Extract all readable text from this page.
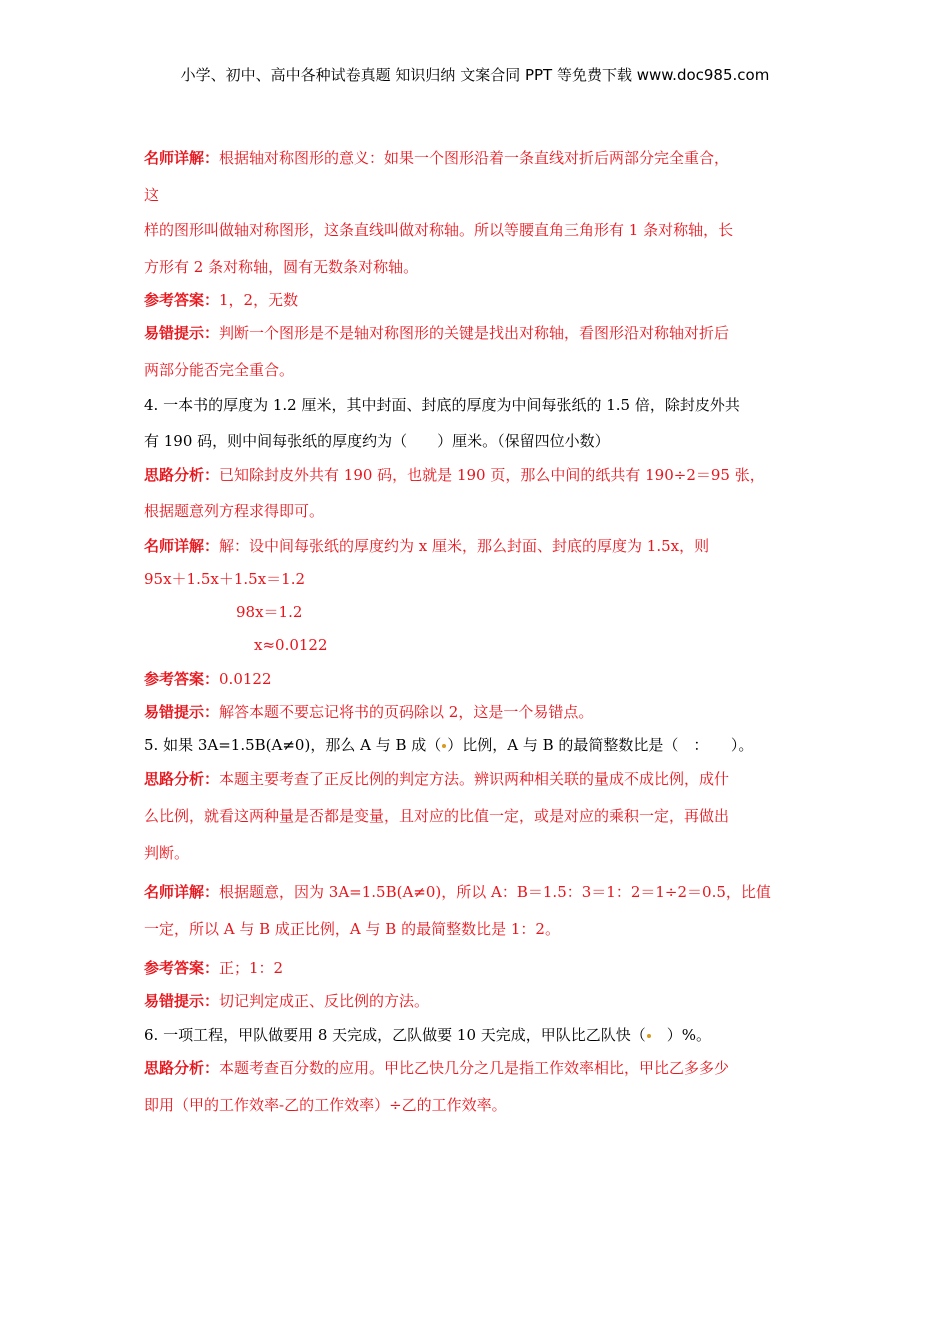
小学、初中、高中各种试卷真题 知识归纳 文案合同 PPT 等免费下载 www.doc985.com
名师详解：根据轴对称图形的意义：如果一个图形沿着一条直线对折后两部分完全重合，
这
样的图形叫做轴对称图形，这条直线叫做对称轴。所以等腰直角三角形有 1 条对称轴，长
方形有 2 条对称轴，圆有无数条对称轴。
参考答案：1，2，无数
易错提示：判断一个图形是不是轴对称图形的关键是找出对称轴，看图形沿对称轴对折后
两部分能否完全重合。
4. 一本书的厚度为 1.2 厘米，其中封面、封底的厚度为中间每张纸的 1.5 倍，除封皮外共
有 190 码，则中间每张纸的厚度约为（　　）厘米。（保留四位小数）
思路分析：已知除封皮外共有 190 码，也就是 190 页，那么中间的纸共有 190÷2＝95 张，
根据题意列方程求得即可。
名师详解：解：设中间每张纸的厚度约为 x 厘米，那么封面、封底的厚度为 1.5x，则
95x＋1.5x＋1.5x＝1.2
98x＝1.2
x≈0.0122
参考答案：0.0122
易错提示：解答本题不要忘记将书的页码除以 2，这是一个易错点。
5. 如果 3A=1.5B(A≠0)，那么 A 与 B 成（ ）比例，A 与 B 的最简整数比是（　：　　）。
思路分析：本题主要考查了正反比例的判定方法。辨识两种相关联的量成不成比例，成什
么比例，就看这两种量是否都是变量，且对应的比值一定，或是对应的乘积一定，再做出
判断。
名师详解：根据题意，因为 3A=1.5B(A≠0)，所以 A：B＝1.5：3＝1：2＝1÷2＝0.5，比值
一定，所以 A 与 B 成正比例，A 与 B 的最简整数比是 1：2。
参考答案：正；1：2
易错提示：切记判定成正、反比例的方法。
6. 一项工程，甲队做要用 8 天完成，乙队做要 10 天完成，甲队比乙队快（　）%。
思路分析：本题考查百分数的应用。甲比乙快几分之几是指工作效率相比，甲比乙多多少
即用（甲的工作效率-乙的工作效率）÷乙的工作效率。
